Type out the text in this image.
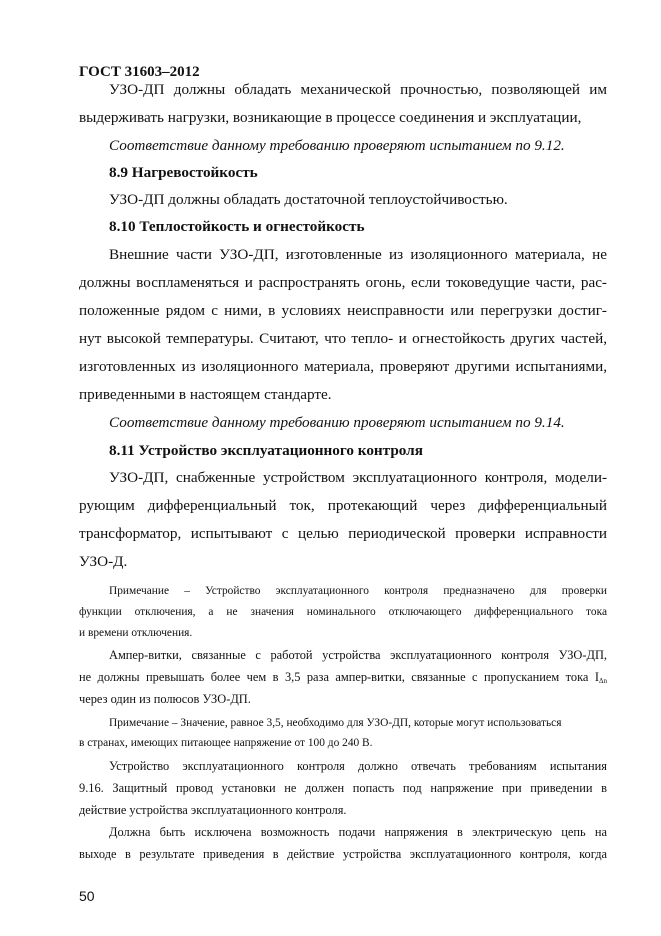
ГОСТ 31603–2012
УЗО-ДП должны обладать механической прочностью, позволяющей им
выдерживать нагрузки, возникающие в процессе соединения и эксплуатации,
Соответствие данному требованию проверяют испытанием по 9.12.
8.9 Нагревостойкость
УЗО-ДП должны обладать достаточной теплоустойчивостью.
8.10 Теплостойкость и огнестойкость
Внешние части УЗО-ДП, изготовленные из изоляционного материала, не
должны воспламеняться и распространять огонь, если токоведущие части, рас-
положенные рядом с ними, в условиях неисправности или перегрузки достиг-
нут высокой температуры. Считают, что тепло- и огнестойкость других частей,
изготовленных из изоляционного материала, проверяют другими испытаниями,
приведенными в настоящем стандарте.
Соответствие данному требованию проверяют испытанием по 9.14.
8.11 Устройство эксплуатационного контроля
УЗО-ДП, снабженные устройством эксплуатационного контроля, модели-
рующим дифференциальный ток, протекающий через дифференциальный
трансформатор, испытывают с целью периодической проверки исправности
УЗО-Д.
Примечание – Устройство эксплуатационного контроля предназначено для проверки
функции отключения, а не значения номинального отключающего дифференциального тока
и времени отключения.
Ампер-витки, связанные с работой устройства эксплуатационного контроля УЗО-ДП,
не должны превышать более чем в 3,5 раза ампер-витки, связанные с пропусканием тока $I_{\Delta n}$
через один из полюсов УЗО-ДП.
Примечание – Значение, равное 3,5, необходимо для УЗО-ДП, которые могут использоваться
в странах, имеющих питающее напряжение от 100 до 240 В.
Устройство эксплуатационного контроля должно отвечать требованиям испытания
9.16. Защитный провод установки не должен попасть под напряжение при приведении в
действие устройства эксплуатационного контроля.
Должна быть исключена возможность подачи напряжения в электрическую цепь на
выходе в результате приведения в действие устройства эксплуатационного контроля, когда
50
